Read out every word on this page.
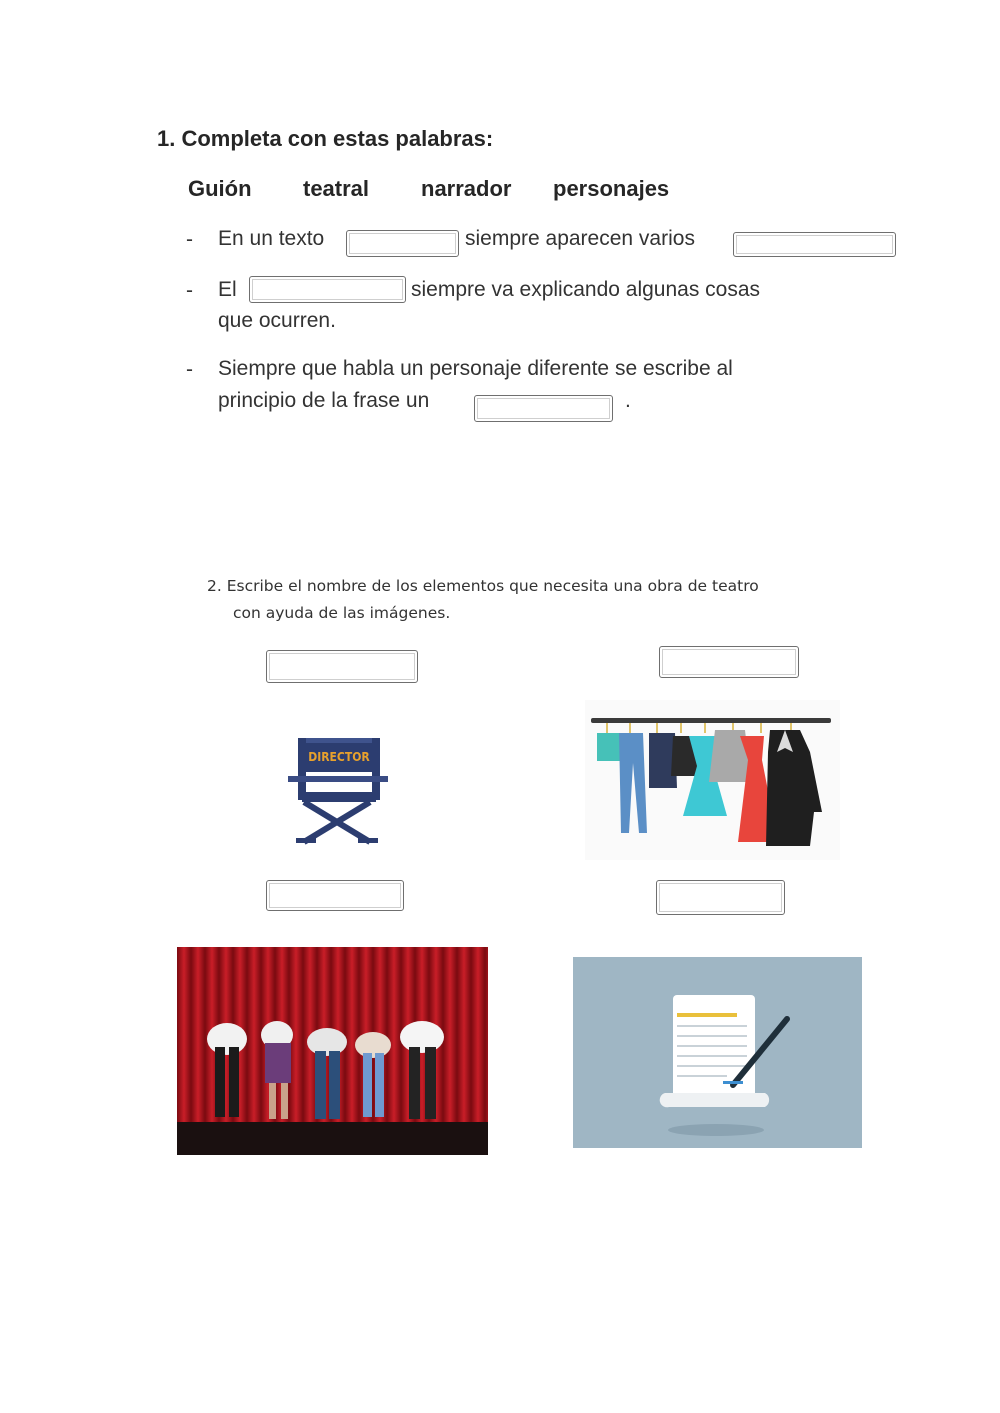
1. Completa con estas palabras:
Guión teatral narrador personajes
- En un texto	siempre aparecen varios
- El	siempre va explicando algunas cosas
que ocurren.
- Siempre que habla un personaje diferente se escribe al
principio de la frase un	.
2. Escribe el nombre de los elementos que necesita una obra de teatro
con ayuda de las imágenes.
DIRECTOR
